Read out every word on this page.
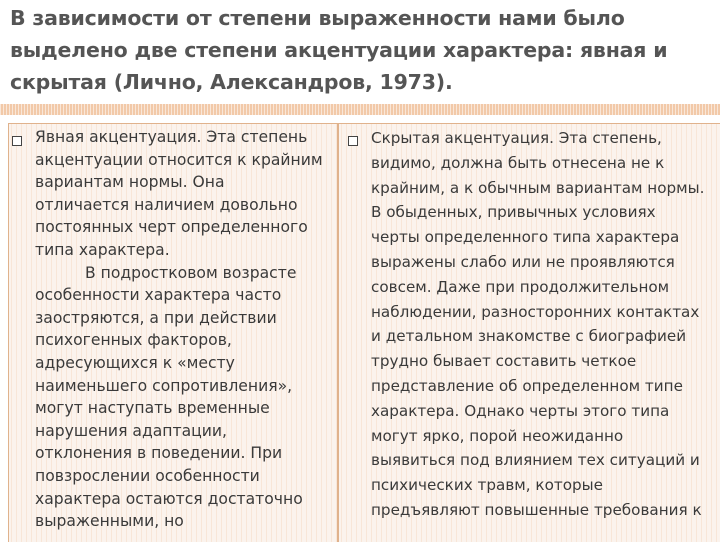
В зависимости от степени выраженности нами было
выделено две степени акцентуации характера: явная и
скрытая (Лично, Александров, 1973).
Явная акцентуация. Эта степень
акцентуации относится к крайним
вариантам нормы. Она
отличается наличием довольно
постоянных черт определенного
типа характера.
В подростковом возрасте
особенности характера часто
заостряются, а при действии
психогенных факторов,
адресующихся к «месту
наименьшего сопротивления»,
могут наступать временные
нарушения адаптации,
отклонения в поведении. При
повзрослении особенности
характера остаются достаточно
выраженными, но
Скрытая акцентуация. Эта степень,
видимо, должна быть отнесена не к
крайним, а к обычным вариантам нормы.
В обыденных, привычных условиях
черты определенного типа характера
выражены слабо или не проявляются
совсем. Даже при продолжительном
наблюдении, разносторонних контактах
и детальном знакомстве с биографией
трудно бывает составить четкое
представление об определенном типе
характера. Однако черты этого типа
могут ярко, порой неожиданно
выявиться под влиянием тех ситуаций и
психических травм, которые
предъявляют повышенные требования к
